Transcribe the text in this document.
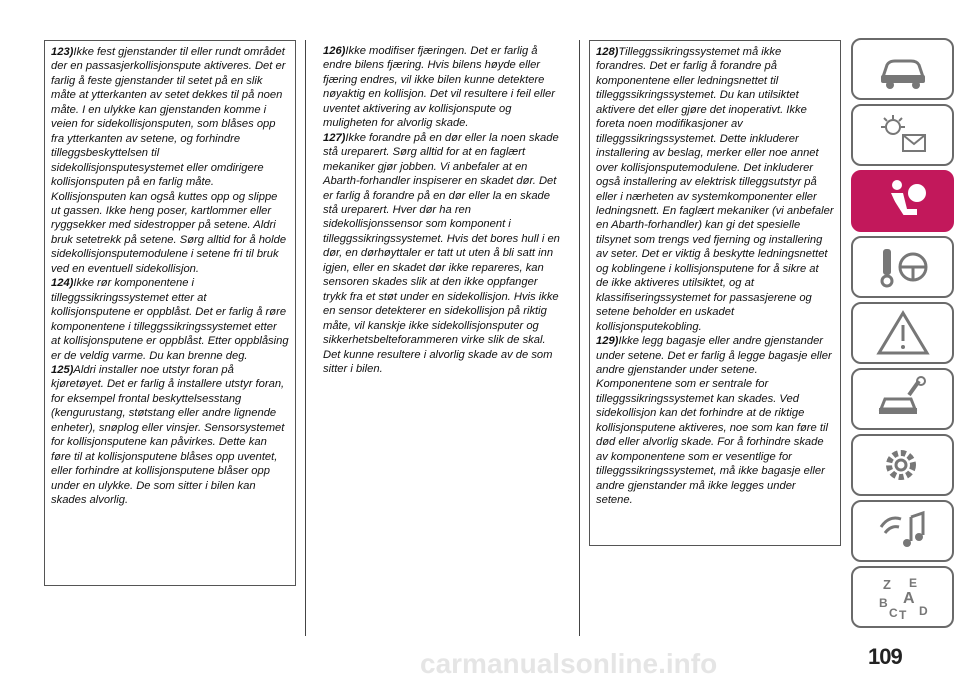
123)Ikke fest gjenstander til eller rundt området der en passasjerkollisjonspute aktiveres. Det er farlig å feste gjenstander til setet på en slik måte at ytterkanten av setet dekkes til på noen måte. I en ulykke kan gjenstanden komme i veien for sidekollisjonsputen, som blåses opp fra ytterkanten av setene, og forhindre tilleggsbeskyttelsen til sidekollisjonsputesystemet eller omdirigere kollisjonsputen på en farlig måte. Kollisjonsputen kan også kuttes opp og slippe ut gassen. Ikke heng poser, kartlommer eller ryggsekker med sidestropper på setene. Aldri bruk setetrekk på setene. Sørg alltid for å holde sidekollisjonsputemodulene i setene fri til bruk ved en eventuell sidekollisjon.

124)Ikke rør komponentene i tilleggssikringssystemet etter at kollisjonsputene er oppblåst. Det er farlig å røre komponentene i tilleggssikringssystemet etter at kollisjonsputene er oppblåst. Etter oppblåsing er de veldig varme. Du kan brenne deg.

125)Aldri installer noe utstyr foran på kjøretøyet. Det er farlig å installere utstyr foran, for eksempel frontal beskyttelsesstang (kengurustang, støtstang eller andre lignende enheter), snøplog eller vinsjer. Sensorsystemet for kollisjonsputene kan påvirkes. Dette kan føre til at kollisjonsputene blåses opp uventet, eller forhindre at kollisjonsputene blåser opp under en ulykke. De som sitter i bilen kan skades alvorlig.

126)Ikke modifiser fjæringen. Det er farlig å endre bilens fjæring. Hvis bilens høyde eller fjæring endres, vil ikke bilen kunne detektere nøyaktig en kollisjon. Det vil resultere i feil eller uventet aktivering av kollisjonspute og muligheten for alvorlig skade.

127)Ikke forandre på en dør eller la noen skade stå ureparert. Sørg alltid for at en faglært mekaniker gjør jobben. Vi anbefaler at en Abarth-forhandler inspiserer en skadet dør. Det er farlig å forandre på en dør eller la en skade stå ureparert. Hver dør ha ren sidekollisjonssensor som komponent i tilleggssikringssystemet. Hvis det bores hull i en dør, en dørhøyttaler er tatt ut uten å bli satt inn igjen, eller en skadet dør ikke repareres, kan sensoren skades slik at den ikke oppfanger trykk fra et støt under en sidekollisjon. Hvis ikke en sensor detekterer en sidekollisjon på riktig måte, vil kanskje ikke sidekollisjonsputer og sikkerhetsbelteforammeren virke slik de skal. Det kunne resultere i alvorlig skade av de som sitter i bilen.

128)Tilleggssikringssystemet må ikke forandres. Det er farlig å forandre på komponentene eller ledningsnettet til tilleggssikringssystemet. Du kan utilsiktet aktivere det eller gjøre det inoperativt. Ikke foreta noen modifikasjoner av tilleggssikringssystemet. Dette inkluderer installering av beslag, merker eller noe annet over kollisjonsputemodulene. Det inkluderer også installering av elektrisk tilleggsutstyr på eller i nærheten av systemkomponenter eller ledningsnett. En faglært mekaniker (vi anbefaler en Abarth-forhandler) kan gi det spesielle tilsynet som trengs ved fjerning og installering av seter. Det er viktig å beskytte ledningsnettet og koblingene i kollisjonsputene for å sikre at de ikke aktiveres utilsiktet, og at klassifiseringssystemet for passasjerene og setene beholder en uskadet kollisjonsputekobling.

129)Ikke legg bagasje eller andre gjenstander under setene. Det er farlig å legge bagasje eller andre gjenstander under setene. Komponentene som er sentrale for tilleggssikringssystemet kan skades. Ved sidekollisjon kan det forhindre at de riktige kollisjonsputene aktiveres, noe som kan føre til død eller alvorlig skade. For å forhindre skade av komponentene som er vesentlige for tilleggssikringssystemet, må ikke bagasje eller andre gjenstander må ikke legges under setene.

Z E
A
B
C T D
carmanualsonline.info	109
